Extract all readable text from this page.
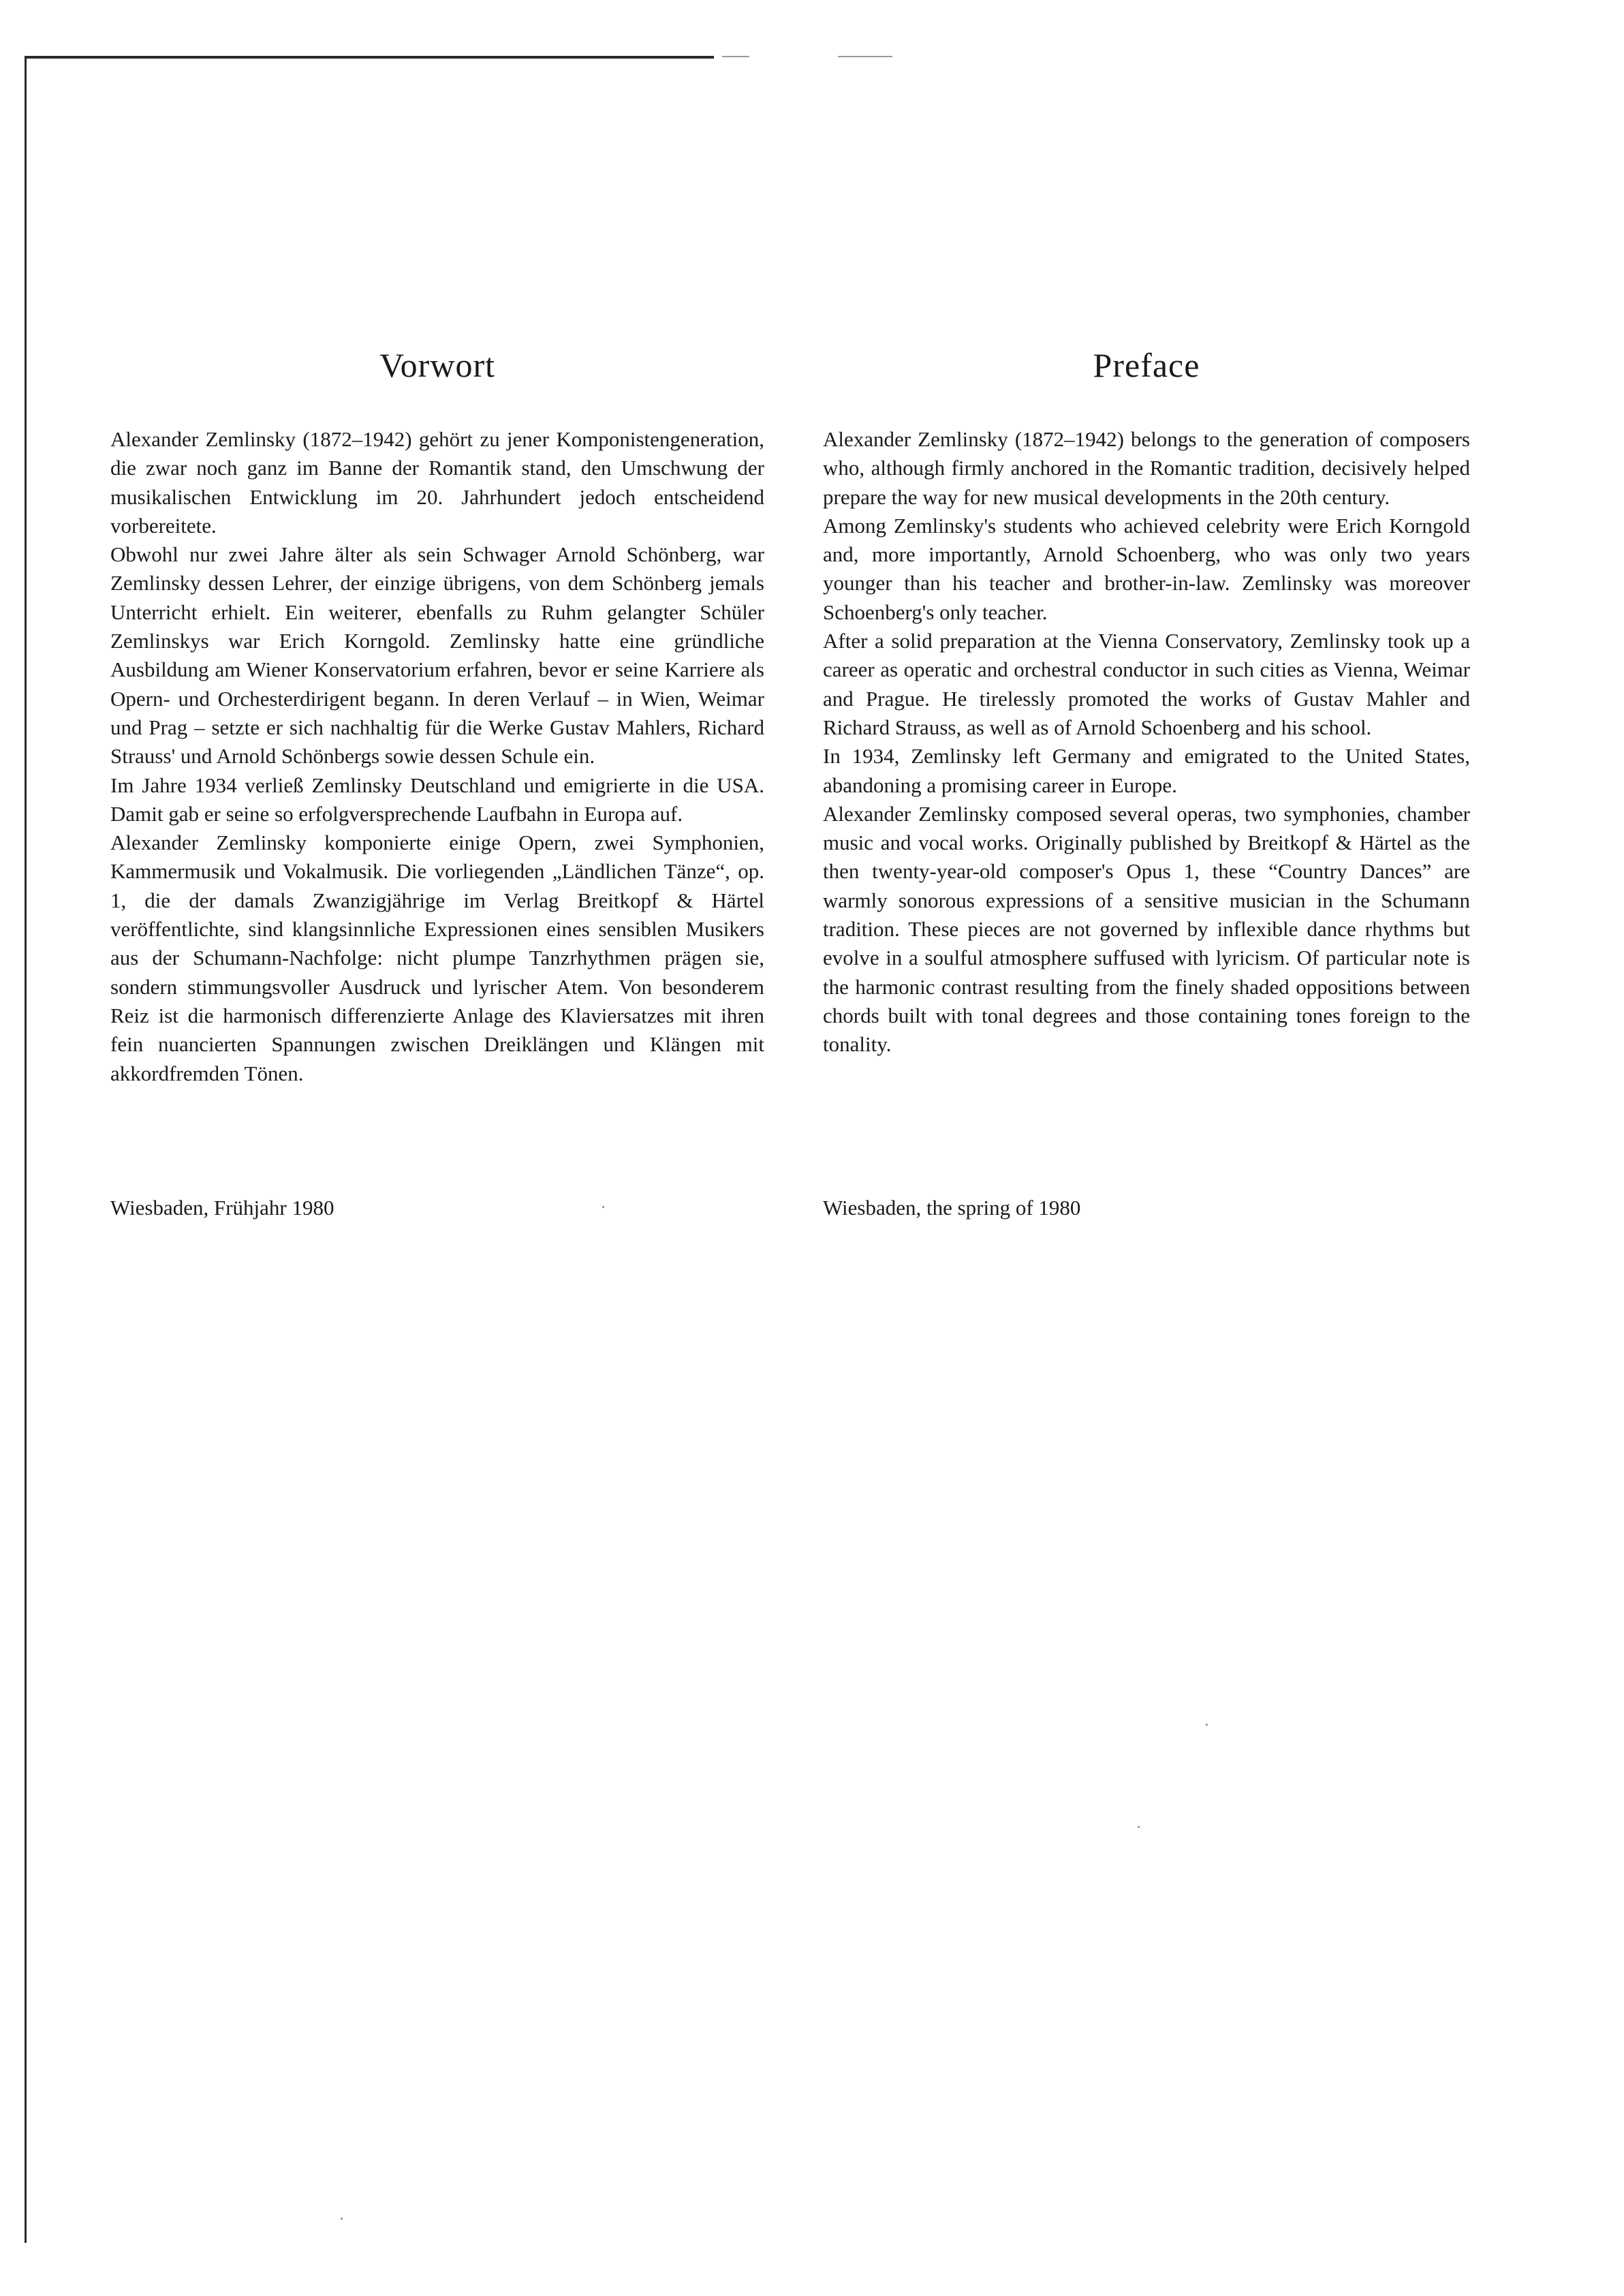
Vorwort

Alexander Zemlinsky (1872–1942) gehört zu jener Komponistengeneration, die zwar noch ganz im Banne der Romantik stand, den Umschwung der musikalischen Entwicklung im 20. Jahrhundert jedoch entscheidend vorbereitete.

Obwohl nur zwei Jahre älter als sein Schwager Arnold Schönberg, war Zemlinsky dessen Lehrer, der einzige übrigens, von dem Schönberg jemals Unterricht erhielt. Ein weiterer, ebenfalls zu Ruhm gelangter Schüler Zemlinskys war Erich Korngold. Zemlinsky hatte eine gründliche Ausbildung am Wiener Konservatorium erfahren, bevor er seine Karriere als Opern- und Orchesterdirigent begann. In deren Verlauf – in Wien, Weimar und Prag – setzte er sich nachhaltig für die Werke Gustav Mahlers, Richard Strauss' und Arnold Schönbergs sowie dessen Schule ein.

Im Jahre 1934 verließ Zemlinsky Deutschland und emigrierte in die USA. Damit gab er seine so erfolgversprechende Laufbahn in Europa auf.

Alexander Zemlinsky komponierte einige Opern, zwei Symphonien, Kammermusik und Vokalmusik. Die vorliegenden „Ländlichen Tänze“, op. 1, die der damals Zwanzigjährige im Verlag Breitkopf & Härtel veröffentlichte, sind klangsinnliche Expressionen eines sensiblen Musikers aus der Schumann-Nachfolge: nicht plumpe Tanzrhythmen prägen sie, sondern stimmungsvoller Ausdruck und lyrischer Atem. Von besonderem Reiz ist die harmonisch differenzierte Anlage des Klaviersatzes mit ihren fein nuancierten Spannungen zwischen Dreiklängen und Klängen mit akkordfremden Tönen.

Preface

Alexander Zemlinsky (1872–1942) belongs to the generation of composers who, although firmly anchored in the Romantic tradition, decisively helped prepare the way for new musical developments in the 20th century.

Among Zemlinsky's students who achieved celebrity were Erich Korngold and, more importantly, Arnold Schoenberg, who was only two years younger than his teacher and brother-in-law. Zemlinsky was moreover Schoenberg's only teacher.

After a solid preparation at the Vienna Conservatory, Zemlinsky took up a career as operatic and orchestral conductor in such cities as Vienna, Weimar and Prague. He tirelessly promoted the works of Gustav Mahler and Richard Strauss, as well as of Arnold Schoenberg and his school.

In 1934, Zemlinsky left Germany and emigrated to the United States, abandoning a promising career in Europe.

Alexander Zemlinsky composed several operas, two symphonies, chamber music and vocal works. Originally published by Breitkopf & Härtel as the then twenty-year-old composer's Opus 1, these “Country Dances” are warmly sonorous expressions of a sensitive musician in the Schumann tradition. These pieces are not governed by inflexible dance rhythms but evolve in a soulful atmosphere suffused with lyricism. Of particular note is the harmonic contrast resulting from the finely shaded oppositions between chords built with tonal degrees and those containing tones foreign to the tonality.

Wiesbaden, Frühjahr 1980	Wiesbaden, the spring of 1980
